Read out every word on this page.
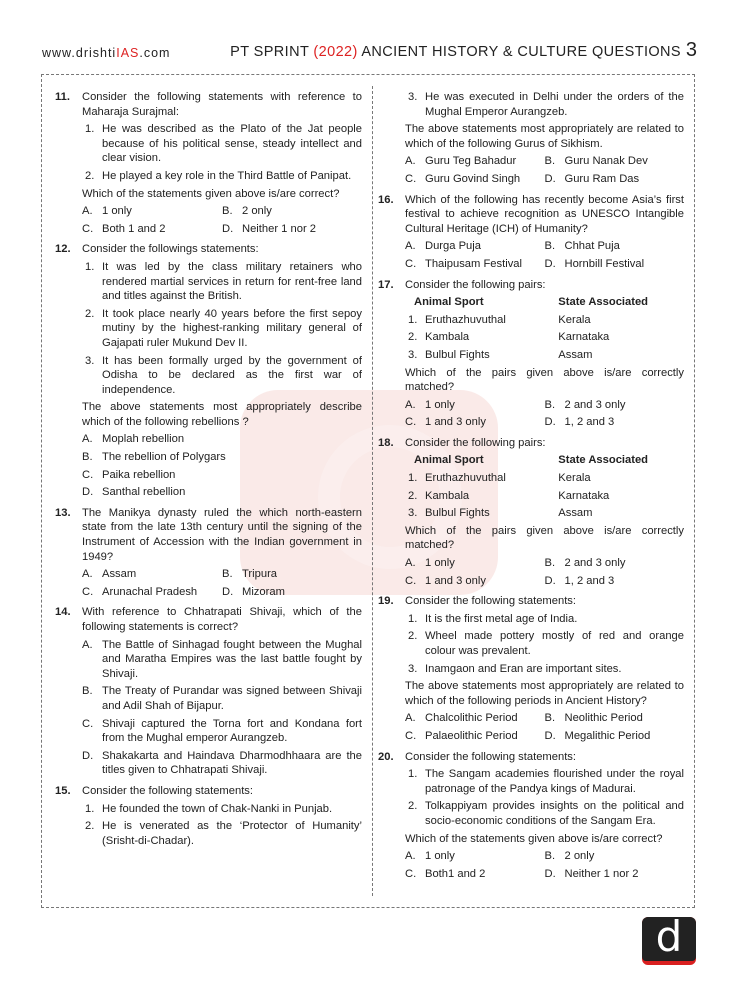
www.drishtiIAS.com	PT SPRINT (2022) ANCIENT HISTORY & CULTURE QUESTIONS 3
11. Consider the following statements with reference to Maharaja Surajmal:
1. He was described as the Plato of the Jat people because of his political sense, steady intellect and clear vision.
2. He played a key role in the Third Battle of Panipat.
Which of the statements given above is/are correct?
A. 1 only	B. 2 only
C. Both 1 and 2	D. Neither 1 nor 2
12. Consider the followings statements:
1. It was led by the class military retainers who rendered martial services in return for rent-free land and titles against the British.
2. It took place nearly 40 years before the first sepoy mutiny by the highest-ranking military general of Gajapati ruler Mukund Dev II.
3. It has been formally urged by the government of Odisha to be declared as the first war of independence.
The above statements most appropriately describe which of the following rebellions ?
A. Moplah rebellion
B. The rebellion of Polygars
C. Paika rebellion
D. Santhal rebellion
13. The Manikya dynasty ruled the which north-eastern state from the late 13th century until the signing of the Instrument of Accession with the Indian government in 1949?
A. Assam	B. Tripura
C. Arunachal Pradesh	D. Mizoram
14. With reference to Chhatrapati Shivaji, which of the following statements is correct?
A. The Battle of Sinhagad fought between the Mughal and Maratha Empires was the last battle fought by Shivaji.
B. The Treaty of Purandar was signed between Shivaji and Adil Shah of Bijapur.
C. Shivaji captured the Torna fort and Kondana fort from the Mughal emperor Aurangzeb.
D. Shakakarta and Haindava Dharmodhhaara are the titles given to Chhatrapati Shivaji.
15. Consider the following statements:
1. He founded the town of Chak-Nanki in Punjab.
2. He is venerated as the ‘Protector of Humanity’ (Srisht-di-Chadar).
3. He was executed in Delhi under the orders of the Mughal Emperor Aurangzeb.
The above statements most appropriately are related to which of the following Gurus of Sikhism.
A. Guru Teg Bahadur	B. Guru Nanak Dev
C. Guru Govind Singh	D. Guru Ram Das
16. Which of the following has recently become Asia’s first festival to achieve recognition as UNESCO Intangible Cultural Heritage (ICH) of Humanity?
A. Durga Puja	B. Chhat Puja
C. Thaipusam Festival	D. Hornbill Festival
17. Consider the following pairs:
Animal Sport	State Associated
1. Eruthazhuvuthal	Kerala
2. Kambala	Karnataka
3. Bulbul Fights	Assam
Which of the pairs given above is/are correctly matched?
A. 1 only	B. 2 and 3 only
C. 1 and 3 only	D. 1, 2 and 3
18. Consider the following pairs:
Animal Sport	State Associated
1. Eruthazhuvuthal	Kerala
2. Kambala	Karnataka
3. Bulbul Fights	Assam
Which of the pairs given above is/are correctly matched?
A. 1 only	B. 2 and 3 only
C. 1 and 3 only	D. 1, 2 and 3
19. Consider the following statements:
1. It is the first metal age of India.
2. Wheel made pottery mostly of red and orange colour was prevalent.
3. Inamgaon and Eran are important sites.
The above statements most appropriately are related to which of the following periods in Ancient History?
A. Chalcolithic Period	B. Neolithic Period
C. Palaeolithic Period	D. Megalithic Period
20. Consider the following statements:
1. The Sangam academies flourished under the royal patronage of the Pandya kings of Madurai.
2. Tolkappiyam provides insights on the political and socio-economic conditions of the Sangam Era.
Which of the statements given above is/are correct?
A. 1 only	B. 2 only
C. Both1 and 2	D. Neither 1 nor 2
d
